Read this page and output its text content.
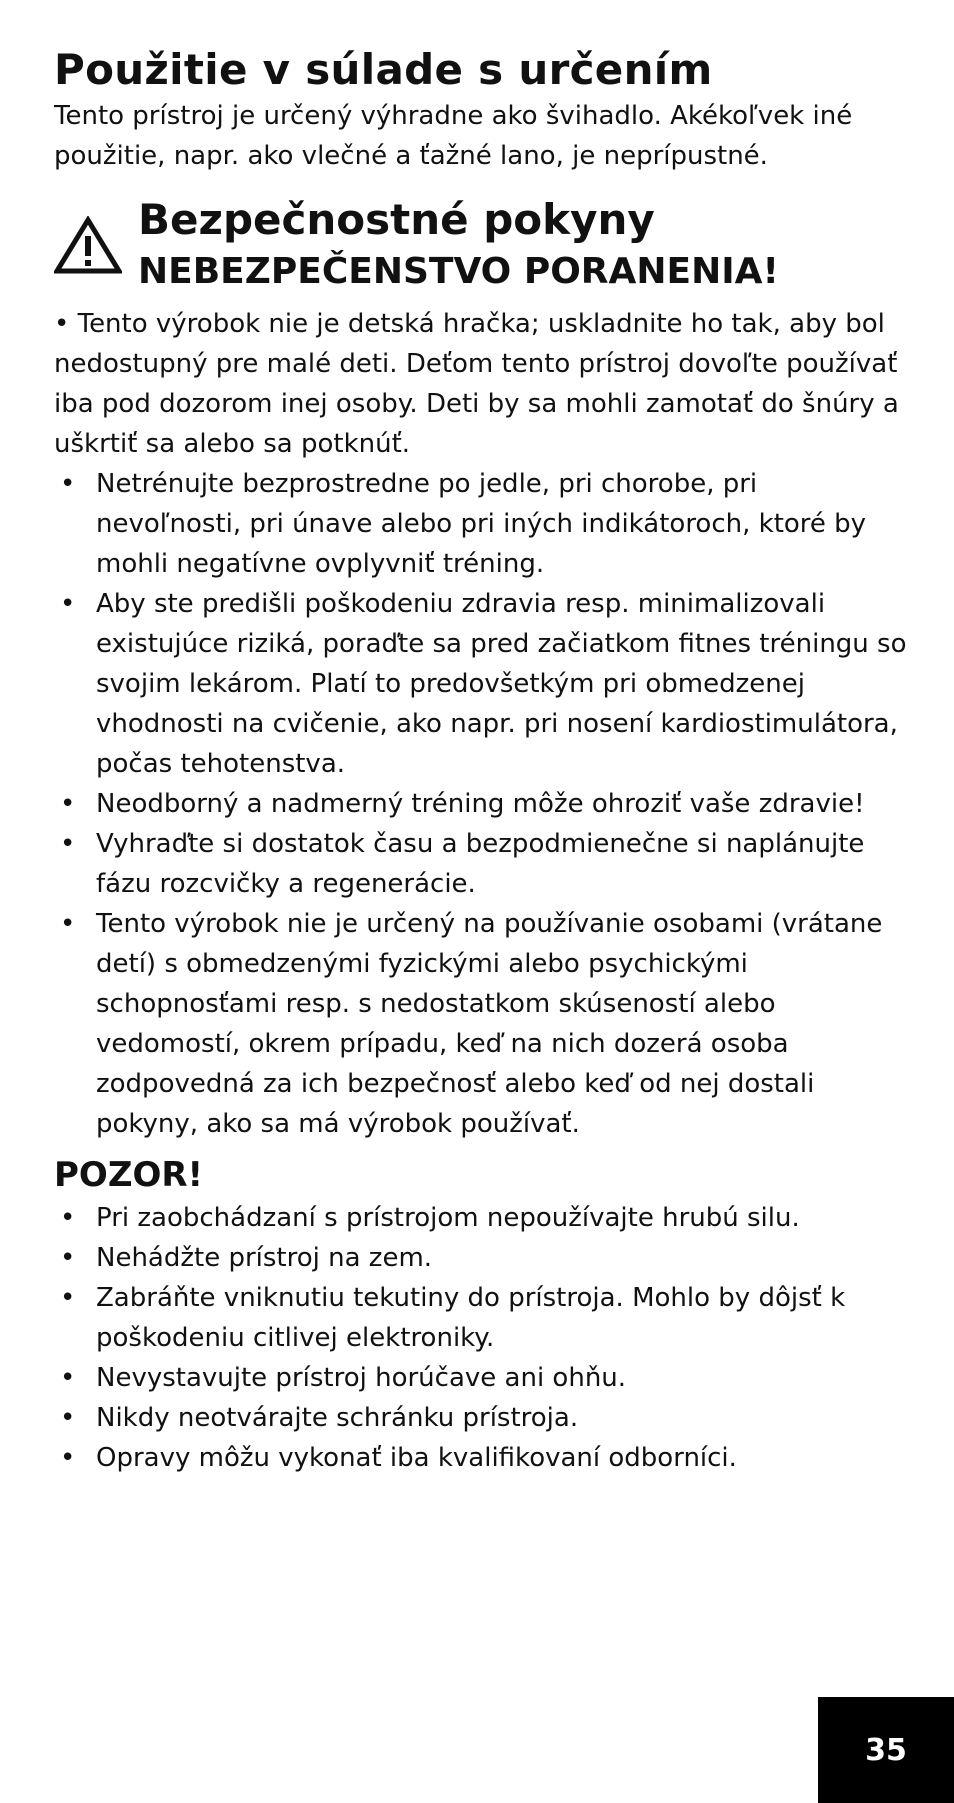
Použitie v súlade s určením

Tento prístroj je určený výhradne ako švihadlo. Akékoľvek iné použitie, napr. ako vlečné a ťažné lano, je neprípustné.

Bezpečnostné pokyny
NEBEZPEČENSTVO PORANENIA!

• Tento výrobok nie je detská hračka; uskladnite ho tak, aby bol nedostupný pre malé deti. Deťom tento prístroj dovoľte používať iba pod dozorom inej osoby. Deti by sa mohli zamotať do šnúry a uškrtiť sa alebo sa potknúť.

• Netrénujte bezprostredne po jedle, pri chorobe, pri nevoľnosti, pri únave alebo pri iných indikátoroch, ktoré by mohli negatívne ovplyvniť tréning.
• Aby ste predišli poškodeniu zdravia resp. minimalizovali existujúce riziká, poraďte sa pred začiatkom fitnes tréningu so svojim lekárom. Platí to predovšetkým pri obmedzenej vhodnosti na cvičenie, ako napr. pri nosení kardiostimulátora, počas tehotenstva.
• Neodborný a nadmerný tréning môže ohroziť vaše zdravie!
• Vyhraďte si dostatok času a bezpodmienečne si naplánujte fázu rozcvičky a regenerácie.
• Tento výrobok nie je určený na používanie osobami (vrátane detí) s obmedzenými fyzickými alebo psychickými schopnosťami resp. s nedostatkom skúseností alebo vedomostí, okrem prípadu, keď na nich dozerá osoba zodpovedná za ich bezpečnosť alebo keď od nej dostali pokyny, ako sa má výrobok používať.
POZOR!
• Pri zaobchádzaní s prístrojom nepoužívajte hrubú silu.
• Nehádžte prístroj na zem.
• Zabráňte vniknutiu tekutiny do prístroja. Mohlo by dôjsť k poškodeniu citlivej elektroniky.
• Nevystavujte prístroj horúčave ani ohňu.
• Nikdy neotvárajte schránku prístroja.
• Opravy môžu vykonať iba kvalifikovaní odborníci.
35
